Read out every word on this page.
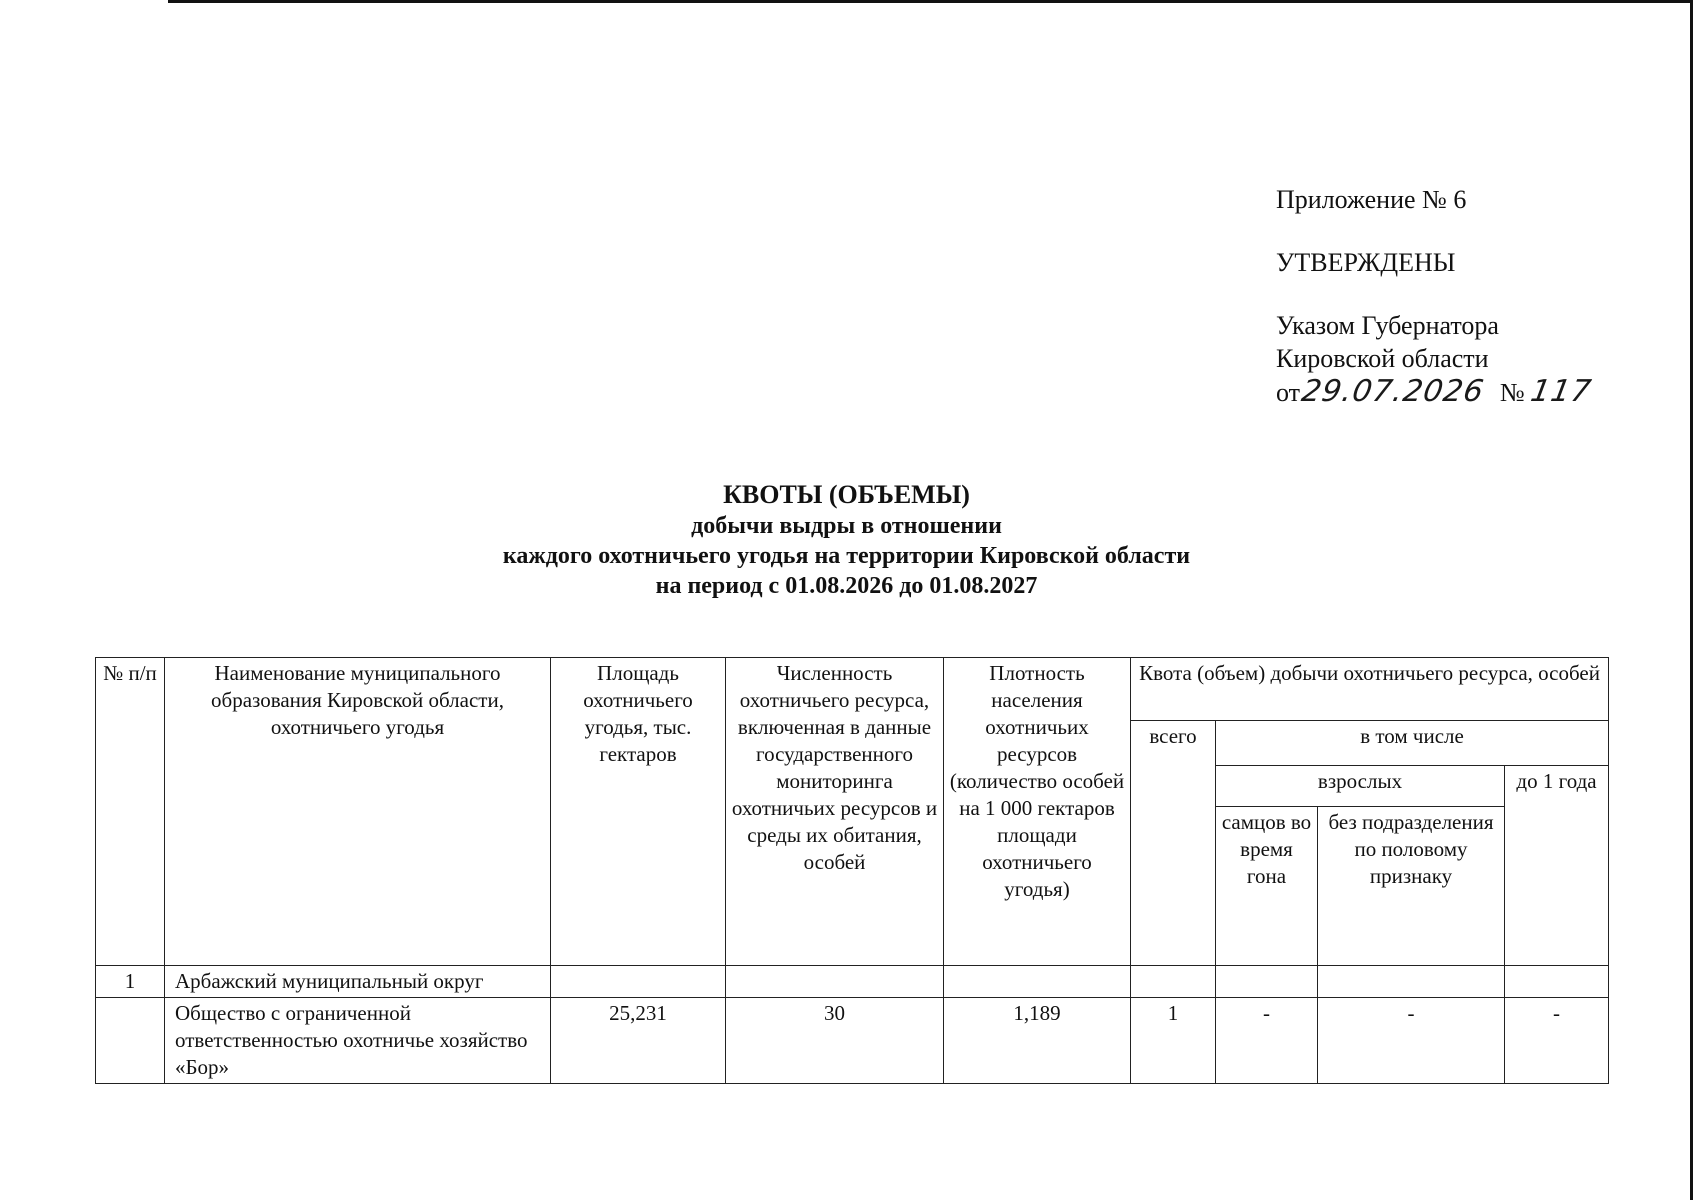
Приложение № 6
УТВЕРЖДЕНЫ
Указом Губернатора
Кировской области
от29.07.2026 № 117
КВОТЫ (ОБЪЕМЫ)
добычи выдры в отношении
каждого охотничьего угодья на территории Кировской области
на период с 01.08.2026 до 01.08.2027
№ п/п	Наименование муниципального образования Кировской области, охотничьего угодья	Площадь охотничьего угодья, тыс. гектаров	Численность охотничьего ресурса, включенная в данные государственного мониторинга охотничьих ресурсов и среды их обитания, особей	Плотность населения охотничьих ресурсов (количество особей на 1 000 гектаров площади охотничьего угодья)	Квота (объем) добычи охотничьего ресурса, особей			
					всего	в том числе		
						взрослых		до 1 года
						самцов во время гона	без подразделения по половому признаку	
1	Арбажский муниципальный округ							
	Общество с ограниченной ответственностью охотничье хозяйство «Бор»	25,231	30	1,189	1	-	-	-
